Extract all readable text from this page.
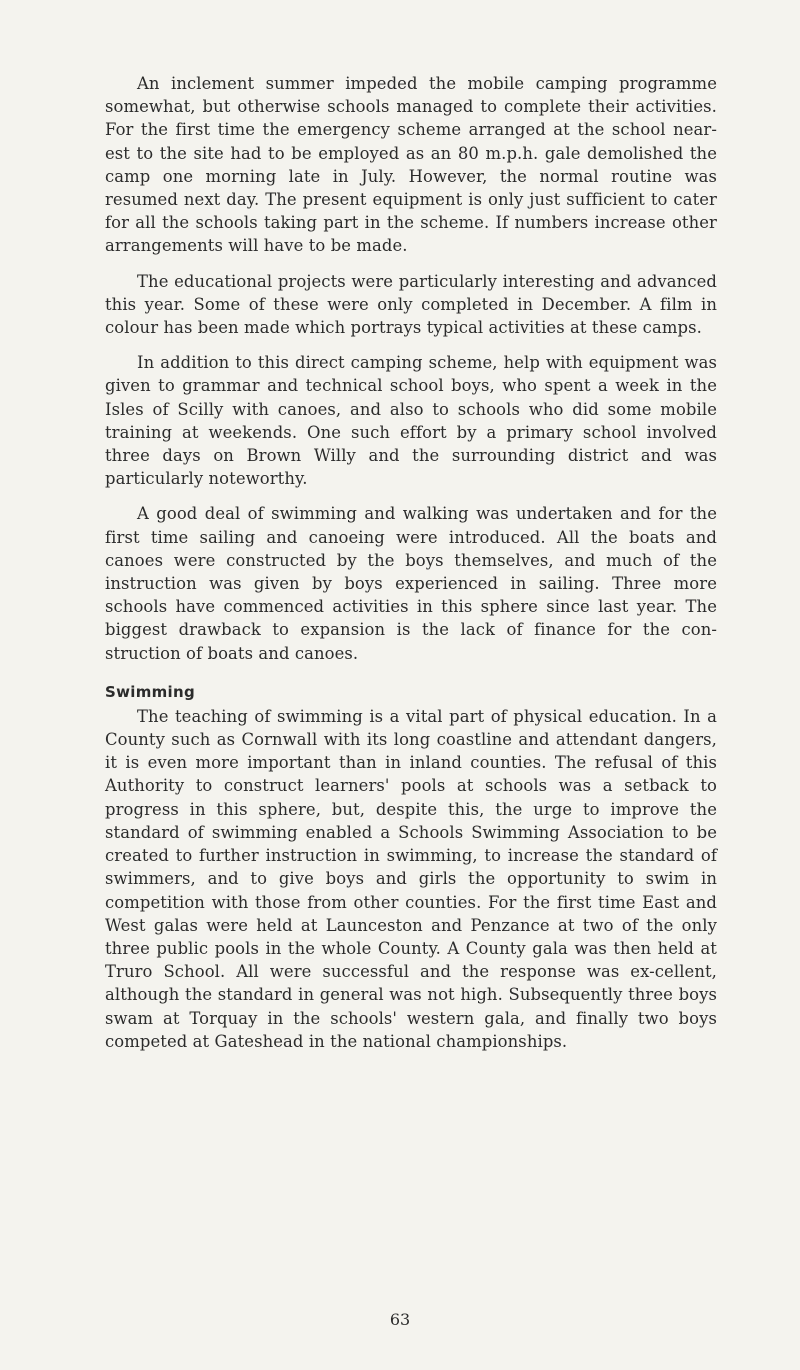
An inclement summer impeded the mobile camping programme somewhat, but otherwise schools managed to complete their activities. For the first time the emergency scheme arranged at the school near-est to the site had to be employed as an 80 m.p.h. gale demolished the camp one morning late in July. However, the normal routine was resumed next day. The present equipment is only just sufficient to cater for all the schools taking part in the scheme. If numbers increase other arrangements will have to be made.

The educational projects were particularly interesting and advanced this year. Some of these were only completed in December. A film in colour has been made which portrays typical activities at these camps.

In addition to this direct camping scheme, help with equipment was given to grammar and technical school boys, who spent a week in the Isles of Scilly with canoes, and also to schools who did some mobile training at weekends. One such effort by a primary school involved three days on Brown Willy and the surrounding district and was particularly noteworthy.

A good deal of swimming and walking was undertaken and for the first time sailing and canoeing were introduced. All the boats and canoes were constructed by the boys themselves, and much of the instruction was given by boys experienced in sailing. Three more schools have commenced activities in this sphere since last year. The biggest drawback to expansion is the lack of finance for the con-struction of boats and canoes.

Swimming

The teaching of swimming is a vital part of physical education. In a County such as Cornwall with its long coastline and attendant dangers, it is even more important than in inland counties. The refusal of this Authority to construct learners' pools at schools was a setback to progress in this sphere, but, despite this, the urge to improve the standard of swimming enabled a Schools Swimming Association to be created to further instruction in swimming, to increase the standard of swimmers, and to give boys and girls the opportunity to swim in competition with those from other counties. For the first time East and West galas were held at Launceston and Penzance at two of the only three public pools in the whole County. A County gala was then held at Truro School. All were successful and the response was ex-cellent, although the standard in general was not high. Subsequently three boys swam at Torquay in the schools' western gala, and finally two boys competed at Gateshead in the national championships.

63
